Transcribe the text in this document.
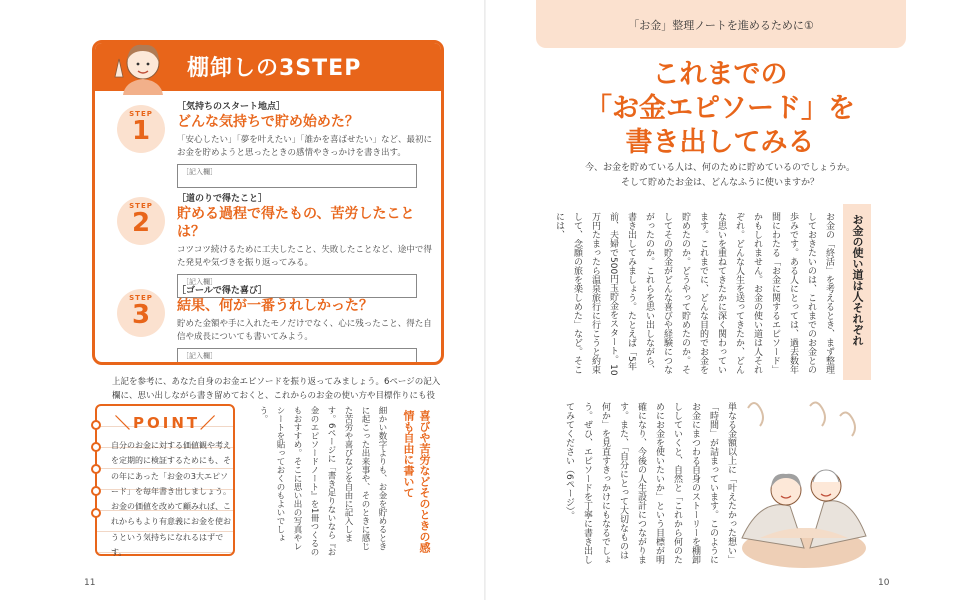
棚卸しの3STEP
STEP
1
［気持ちのスタート地点］
どんな気持ちで貯め始めた？
「安心したい」「夢を叶えたい」「誰かを喜ばせたい」など、最初にお金を貯めようと思ったときの感情やきっかけを書き出す。
［記入欄］
STEP
2
［道のりで得たこと］
貯める過程で得たもの、苦労したことは？
コツコツ続けるために工夫したこと、失敗したことなど、途中で得た発見や気づきを振り返ってみる。
［記入欄］
STEP
3
［ゴールで得た喜び］
結果、何が一番うれしかった？
貯めた金額や手に入れたモノだけでなく、心に残ったこと、得た自信や成長についても書いてみよう。
［記入欄］
上記を参考に、あなた自身のお金エピソードを振り返ってみましょう。6ページの記入欄に、思い出しながら書き留めておくと、これからのお金の使い方や目標作りにも役
＼POINT／
自分のお金に対する価値観や考えを定期的に検証するためにも、その年にあった「お金の3大エピソード」を毎年書き出しましょう。お金の価値を改めて顧みれば、これからもより有意義にお金を使おうという気持ちになれるはずです。	喜びや苦労などそのときの感情も自由に書いて
細かい数字よりも、お金を貯めるときに起こった出来事や、そのときに感じた苦労や喜びなどを自由に記入します。6ページに「書き足りないなら『お金のエピソードノート』を1冊つくるのもおすすめ。そこに思い出の写真やレシートを貼っておくのもよいでしょう。
11
「お金」整理ノートを進めるために①
これまでの
「お金エピソード」を
書き出してみる
今、お金を貯めている人は、何のために貯めているのでしょうか。
そして貯めたお金は、どんなふうに使いますか？
お金の使い道は人それぞれ
お金の「終活」を考えるとき、まず整理しておきたいのは、これまでのお金との歩みです。ある人にとっては、過去数年間にわたる「お金に関するエピソード」かもしれません。お金の使い道は人それぞれ。どんな人生を送ってきたか、どんな思いを重ねてきたかに深く関わっています。これまでに、どんな目的でお金を貯めたのか。どうやって貯めたのか。そしてその貯金がどんな喜びや経験につながったのか。これらを思い出しながら、書き出してみましょう。たとえば「5年前、夫婦で500円玉貯金をスタート。10万円たまったら温泉旅行に行こうと約束して、念願の旅を楽しめた」など。そこには、
単なる金額以上に「叶えたかった想い」「時間」が詰まっています。このようにお金にまつわる自身のストーリーを棚卸ししていくと、自然と「これから何のためにお金を使いたいか」という目標が明確になり、今後の人生設計につながります。また、「自分にとって大切なものは何か」を見直すきっかけにもなるでしょう。ぜひ、エピソードを丁寧に書き出してみてください（6ページ）。
10
